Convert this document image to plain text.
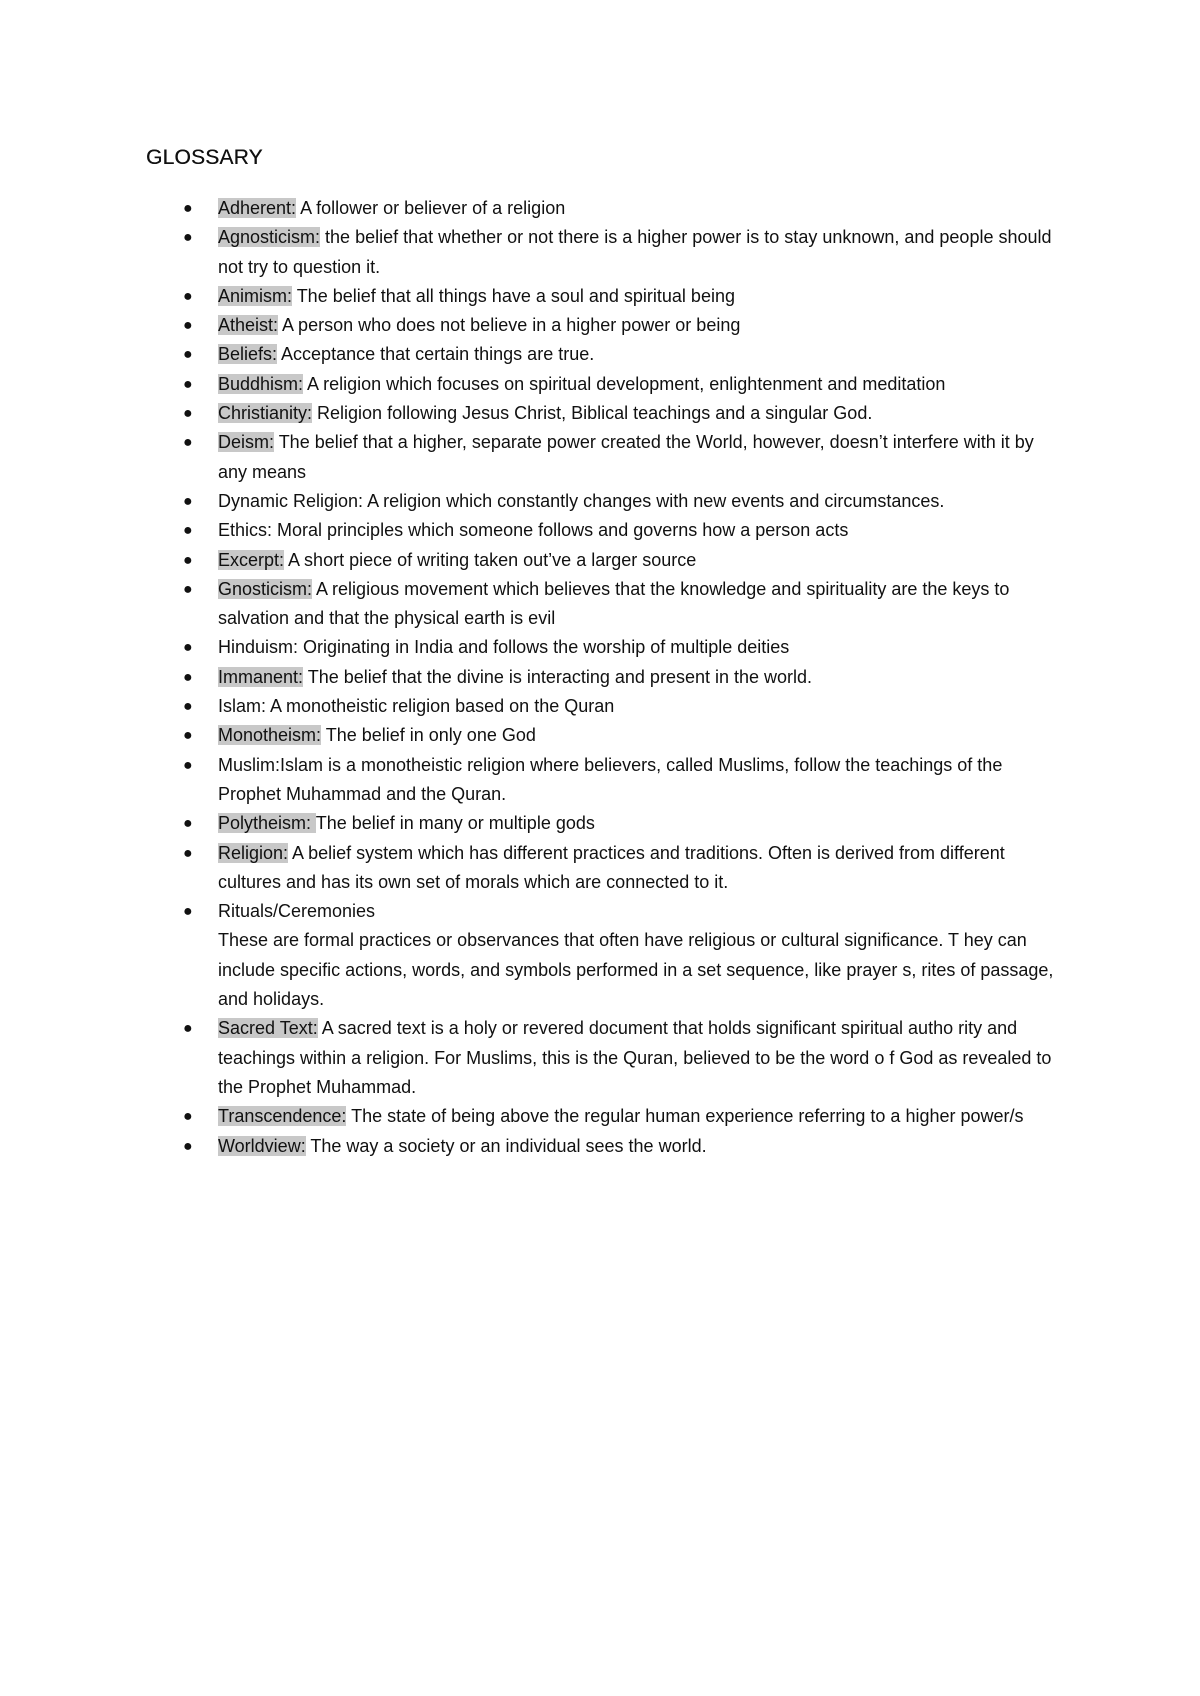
GLOSSARY
● Adherent: A follower or believer of a religion
● Agnosticism: the belief that whether or not there is a higher power is to stay unknown, and people should not try to question it.
● Animism: The belief that all things have a soul and spiritual being
● Atheist: A person who does not believe in a higher power or being
● Beliefs: Acceptance that certain things are true.
● Buddhism: A religion which focuses on spiritual development, enlightenment and meditation
● Christianity: Religion following Jesus Christ, Biblical teachings and a singular God.
● Deism: The belief that a higher, separate power created the World, however, doesn’t interfere with it by any means
● Dynamic Religion: A religion which constantly changes with new events and circumstances.
● Ethics: Moral principles which someone follows and governs how a person acts
● Excerpt: A short piece of writing taken out’ve a larger source
● Gnosticism: A religious movement which believes that the knowledge and spirituality are the keys to salvation and that the physical earth is evil
● Hinduism: Originating in India and follows the worship of multiple deities
● Immanent: The belief that the divine is interacting and present in the world.
● Islam: A monotheistic religion based on the Quran
● Monotheism: The belief in only one God
● Muslim:Islam is a monotheistic religion where believers, called Muslims, follow the teachings of the Prophet Muhammad and the Quran.
● Polytheism: The belief in many or multiple gods
● Religion: A belief system which has different practices and traditions. Often is derived from different cultures and has its own set of morals which are connected to it.
● Rituals/Ceremonies
These are formal practices or observances that often have religious or cultural significance. T hey can include specific actions, words, and symbols performed in a set sequence, like prayer s, rites of passage, and holidays.
● Sacred Text: A sacred text is a holy or revered document that holds significant spiritual autho rity and teachings within a religion. For Muslims, this is the Quran, believed to be the word o f God as revealed to the Prophet Muhammad.
● Transcendence: The state of being above the regular human experience referring to a higher power/s
● Worldview: The way a society or an individual sees the world.
